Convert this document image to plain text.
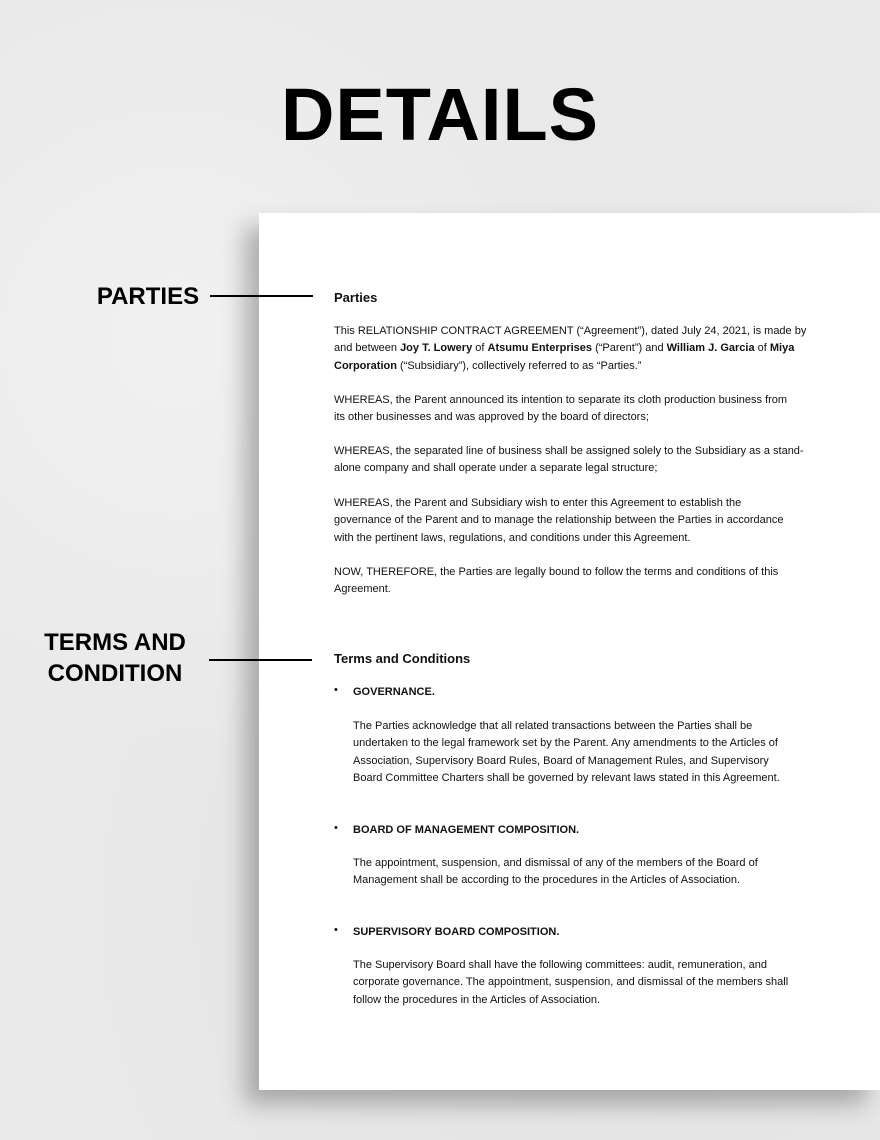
DETAILS
PARTIES
TERMS AND
CONDITION
Parties
This RELATIONSHIP CONTRACT AGREEMENT (“Agreement”), dated July 24, 2021, is made by
and between Joy T. Lowery of Atsumu Enterprises (“Parent”) and William J. Garcia of Miya
Corporation (“Subsidiary”), collectively referred to as “Parties.”
WHEREAS, the Parent announced its intention to separate its cloth production business from
its other businesses and was approved by the board of directors;
WHEREAS, the separated line of business shall be assigned solely to the Subsidiary as a stand-
alone company and shall operate under a separate legal structure;
WHEREAS, the Parent and Subsidiary wish to enter this Agreement to establish the
governance of the Parent and to manage the relationship between the Parties in accordance
with the pertinent laws, regulations, and conditions under this Agreement.
NOW, THEREFORE, the Parties are legally bound to follow the terms and conditions of this
Agreement.
Terms and Conditions
• GOVERNANCE.
The Parties acknowledge that all related transactions between the Parties shall be
undertaken to the legal framework set by the Parent. Any amendments to the Articles of
Association, Supervisory Board Rules, Board of Management Rules, and Supervisory
Board Committee Charters shall be governed by relevant laws stated in this Agreement.
• BOARD OF MANAGEMENT COMPOSITION.
The appointment, suspension, and dismissal of any of the members of the Board of
Management shall be according to the procedures in the Articles of Association.
• SUPERVISORY BOARD COMPOSITION.
The Supervisory Board shall have the following committees: audit, remuneration, and
corporate governance. The appointment, suspension, and dismissal of the members shall
follow the procedures in the Articles of Association.
